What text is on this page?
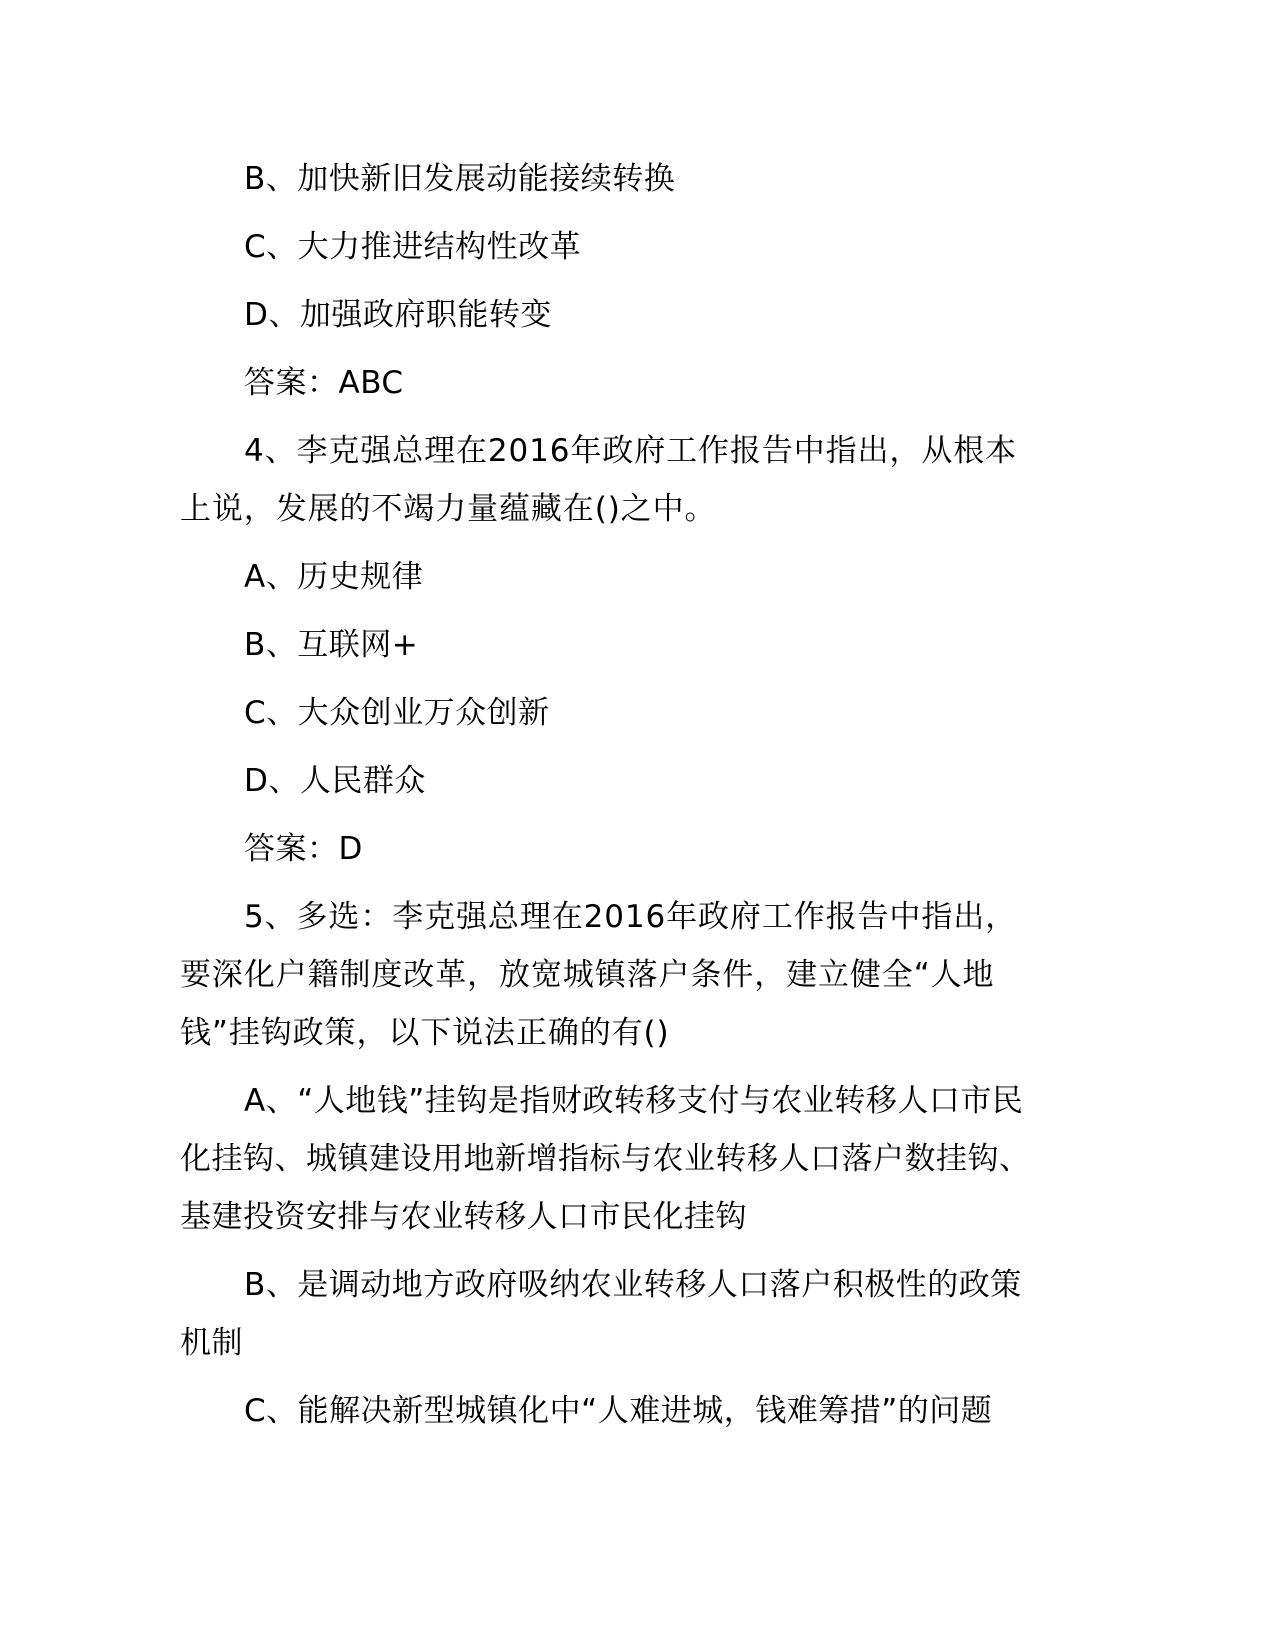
B、加快新旧发展动能接续转换

C、大力推进结构性改革

D、加强政府职能转变

答案：ABC

4、李克强总理在2016年政府工作报告中指出，从根本上说，发展的不竭力量蕴藏在()之中。

A、历史规律

B、互联网+

C、大众创业万众创新

D、人民群众

答案：D

5、多选：李克强总理在2016年政府工作报告中指出，要深化户籍制度改革，放宽城镇落户条件，建立健全“人地钱”挂钩政策，以下说法正确的有()

A、“人地钱”挂钩是指财政转移支付与农业转移人口市民化挂钩、城镇建设用地新增指标与农业转移人口落户数挂钩、基建投资安排与农业转移人口市民化挂钩

B、是调动地方政府吸纳农业转移人口落户积极性的政策机制

C、能解决新型城镇化中“人难进城，钱难筹措”的问题
